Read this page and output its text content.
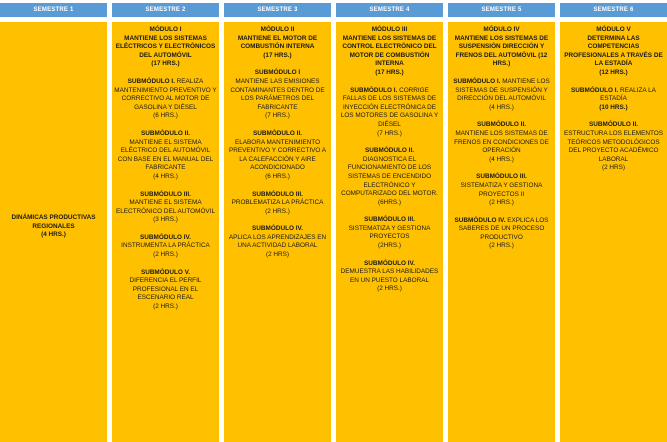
SEMESTRE 1
DINÁMICAS PRODUCTIVAS REGIONALES
(4 HRS.)
SEMESTRE 2
MÓDULO I
MANTIENE LOS SISTEMAS ELÉCTRICOS Y ELECTRÓNICOS DEL AUTOMÓVIL
(17 HRS.)
SUBMÓDULO I. REALIZA MANTENIMIENTO PREVENTIVO Y CORRECTIVO AL MOTOR DE GASOLINA Y DIÉSEL
(6 HRS.)
SUBMÓDULO II.
MANTIENE EL SISTEMA ELÉCTRICO DEL AUTOMÓVIL CON BASE EN EL MANUAL DEL FABRICANTE
(4 HRS.)
SUBMÓDULO III.
MANTIENE EL SISTEMA ELECTRÓNICO DEL AUTOMÓVIL
(3 HRS.)
SUBMÓDULO IV.
INSTRUMENTA LA PRÁCTICA
(2 HRS.)
SUBMÓDULO V.
DIFERENCIA EL PERFIL PROFESIONAL EN EL ESCENARIO REAL
(2 HRS.)
SEMESTRE 3
MÓDULO II
MANTIENE EL MOTOR DE COMBUSTIÓN INTERNA
(17 HRS.)
SUBMÓDULO I
MANTIENE LAS EMISIONES CONTAMINANTES DENTRO DE LOS PARÁMETROS DEL FABRICANTE
(7 HRS.)
SUBMÓDULO II.
ELABORA MANTENIMIENTO PREVENTIVO Y CORRECTIVO A LA CALEFACCIÓN Y AIRE ACONDICIONADO
(6 HRS.)
SUBMÓDULO III.
PROBLEMATIZA LA PRÁCTICA
(2 HRS.)
SUBMÓDULO IV.
APLICA LOS APRENDIZAJES EN UNA ACTIVIDAD LABORAL
(2 HRS)
SEMESTRE 4
MÓDULO III
MANTIENE LOS SISTEMAS DE CONTROL ELECTRÓNICO DEL MOTOR DE COMBUSTIÓN INTERNA
(17 HRS.)
SUBMÓDULO I. CORRIGE FALLAS DE LOS SISTEMAS DE INYECCIÓN ELECTRÓNICA DE LOS MOTORES DE GASOLINA Y DIÉSEL
(7 HRS.)
SUBMÓDULO II.
DIAGNOSTICA EL FUNCIONAMIENTO DE LOS SISTEMAS DE ENCENDIDO ELECTRÓNICO Y COMPUTARIZADO DEL MOTOR.
(6HRS.)
SUBMÓDULO III.
SISTEMATIZA Y GESTIONA PROYECTOS
(2HRS.)
SUBMÓDULO IV.
DEMUESTRA LAS HABILIDADES EN UN PUESTO LABORAL
(2 HRS.)
SEMESTRE 5
MÓDULO IV
MANTIENE LOS SISTEMAS DE SUSPENSIÓN DIRECCIÓN Y FRENOS DEL AUTOMÓVIL (12 HRS.)
SUBMÓDULO I. MANTIENE LOS SISTEMAS DE SUSPENSIÓN Y DIRECCIÓN DEL AUTOMÓVIL
(4 HRS.)
SUBMÓDULO II.
MANTIENE LOS SISTEMAS DE FRENOS EN CONDICIONES DE OPERACIÓN
(4 HRS.)
SUBMÓDULO III.
SISTEMATIZA Y GESTIONA PROYECTOS II
(2 HRS.)
SUBMÓDULO IV. EXPLICA LOS SABERES DE UN PROCESO PRODUCTIVO
(2 HRS.)
SEMESTRE 6
MÓDULO V
DETERMINA LAS COMPETENCIAS PROFESIONALES A TRAVÉS DE LA ESTADÍA
(12 HRS.)
SUBMÓDULO I. REALIZA LA ESTADÍA
(10 HRS.)
SUBMÓDULO II.
ESTRUCTURA LOS ELEMENTOS TEÓRICOS METODOLÓGICOS DEL PROYECTO ACADÉMICO LABORAL
(2 HRS)
